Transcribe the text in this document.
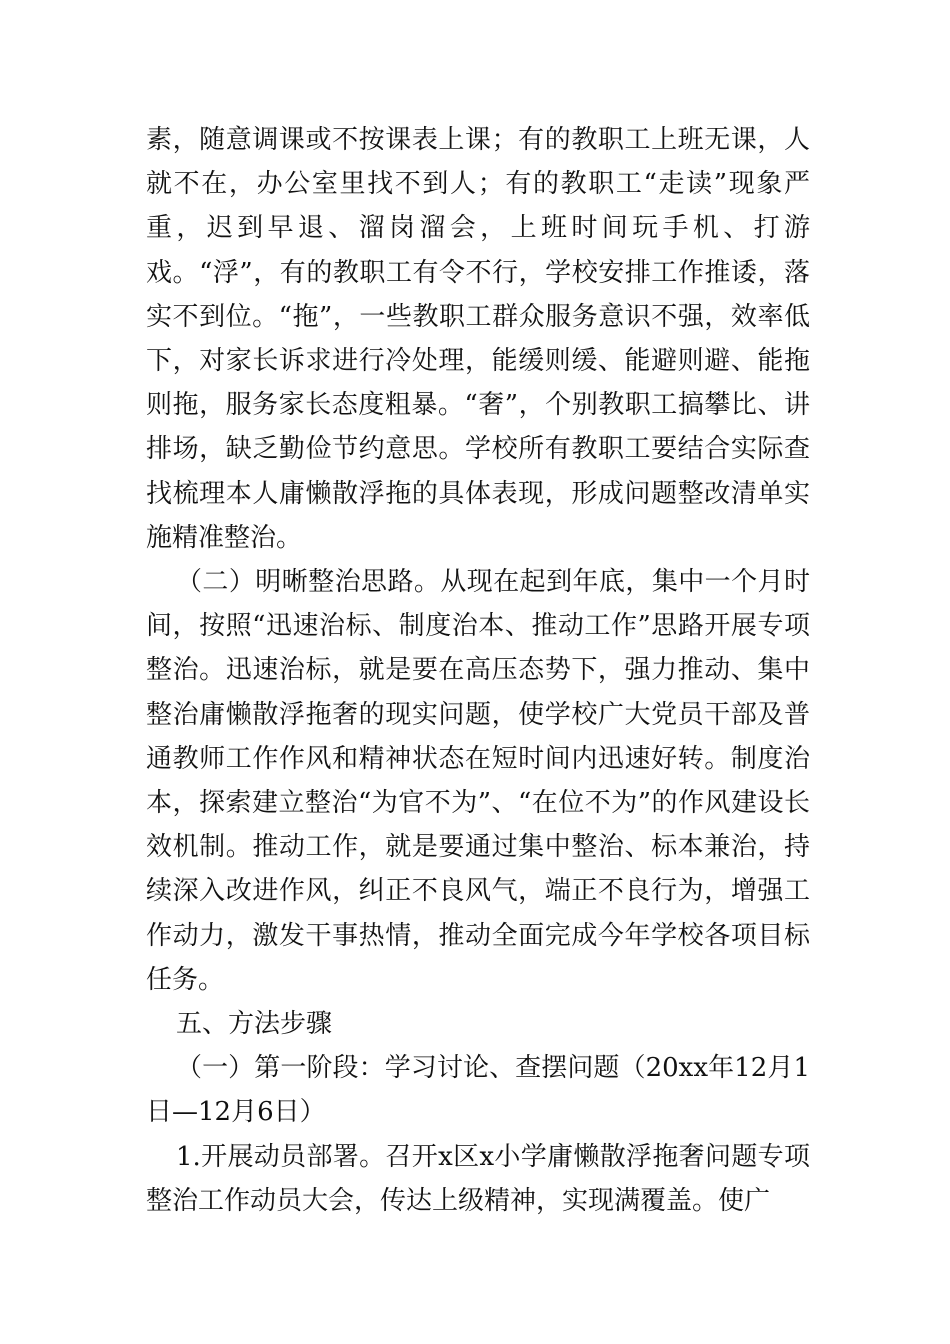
素，随意调课或不按课表上课；有的教职工上班无课，人就不在，办公室里找不到人；有的教职工“走读”现象严重，迟到早退、溜岗溜会，上班时间玩手机、打游戏。“浮”，有的教职工有令不行，学校安排工作推诿，落实不到位。“拖”，一些教职工群众服务意识不强，效率低下，对家长诉求进行冷处理，能缓则缓、能避则避、能拖则拖，服务家长态度粗暴。“奢”，个别教职工搞攀比、讲排场，缺乏勤俭节约意思。学校所有教职工要结合实际查找梳理本人庸懒散浮拖的具体表现，形成问题整改清单实施精准整治。

（二）明晰整治思路。从现在起到年底，集中一个月时间，按照“迅速治标、制度治本、推动工作”思路开展专项整治。迅速治标，就是要在高压态势下，强力推动、集中整治庸懒散浮拖奢的现实问题，使学校广大党员干部及普通教师工作作风和精神状态在短时间内迅速好转。制度治本，探索建立整治“为官不为”、“在位不为”的作风建设长效机制。推动工作，就是要通过集中整治、标本兼治，持续深入改进作风，纠正不良风气，端正不良行为，增强工作动力，激发干事热情，推动全面完成今年学校各项目标任务。

五、方法步骤

（一）第一阶段：学习讨论、查摆问题（20xx年12月1日—12月6日）

1.开展动员部署。召开x区x小学庸懒散浮拖奢问题专项整治工作动员大会，传达上级精神，实现满覆盖。使广
